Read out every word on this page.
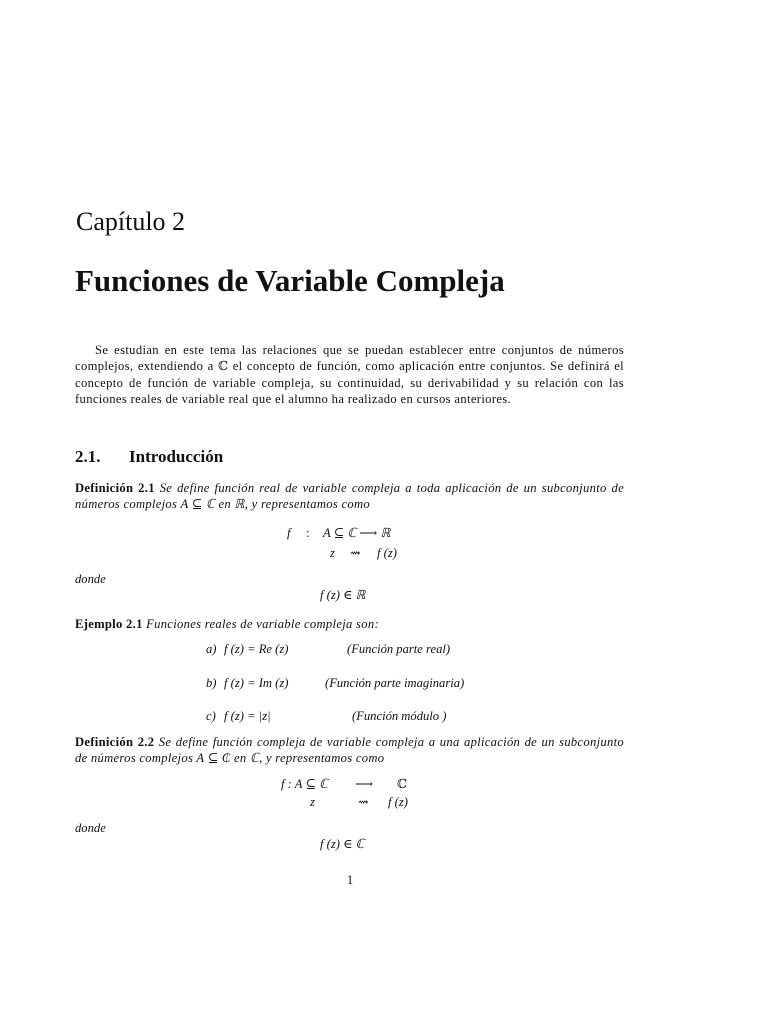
Capítulo 2
Funciones de Variable Compleja
Se estudian en este tema las relaciones que se puedan establecer entre conjuntos de números complejos, extendiendo a ℂ el concepto de función, como aplicación entre conjuntos. Se definirá el concepto de función de variable compleja, su continuidad, su derivabilidad y su relación con las funciones reales de variable real que el alumno ha realizado en cursos anteriores.
2.1. Introducción
Definición 2.1 Se define función real de variable compleja a toda aplicación de un subconjunto de números complejos A ⊆ ℂ en ℝ, y representamos como
f : A ⊆ ℂ ⟶ ℝ
z ⇝ f (z)
donde
f (z) ∈ ℝ
Ejemplo 2.1 Funciones reales de variable compleja son:
a) f (z) = Re (z)	(Función parte real)
b) f (z) = Im (z)	(Función parte imaginaria)
c) f (z) = |z|	(Función módulo )
Definición 2.2 Se define función compleja de variable compleja a una aplicación de un subconjunto de números complejos A ⊆ ₵ en ℂ, y representamos como
f : A ⊆ ℂ ⟶ ℂ
z	⇝ f (z)
donde
f (z) ∈ ℂ
1
